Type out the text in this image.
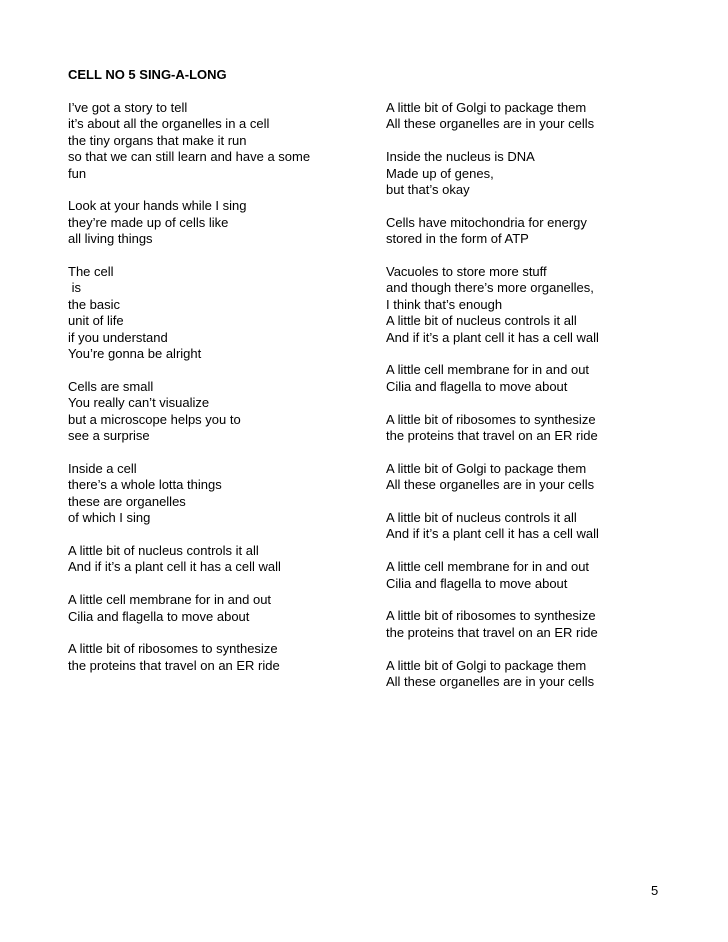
CELL NO 5 SING-A-LONG
I’ve got a story to tell
it’s about all the organelles in a cell
the tiny organs that make it run
so that we can still learn and have a some
fun
Look at your hands while I sing
they’re made up of cells like
all living things
The cell
is
the basic
unit of life
if you understand
You’re gonna be alright
Cells are small
You really can’t visualize
but a microscope helps you to
see a surprise
Inside a cell
there’s a whole lotta things
these are organelles
of which I sing
A little bit of nucleus controls it all
And if it’s a plant cell it has a cell wall
A little cell membrane for in and out
Cilia and flagella to move about
A little bit of ribosomes to synthesize
the proteins that travel on an ER ride
A little bit of Golgi to package them
All these organelles are in your cells
Inside the nucleus is DNA
Made up of genes,
but that’s okay
Cells have mitochondria for energy
stored in the form of ATP
Vacuoles to store more stuff
and though there’s more organelles,
I think that’s enough
A little bit of nucleus controls it all
And if it’s a plant cell it has a cell wall
A little cell membrane for in and out
Cilia and flagella to move about
A little bit of ribosomes to synthesize
the proteins that travel on an ER ride
A little bit of Golgi to package them
All these organelles are in your cells
A little bit of nucleus controls it all
And if it’s a plant cell it has a cell wall
A little cell membrane for in and out
Cilia and flagella to move about
A little bit of ribosomes to synthesize
the proteins that travel on an ER ride
A little bit of Golgi to package them
All these organelles are in your cells
5
